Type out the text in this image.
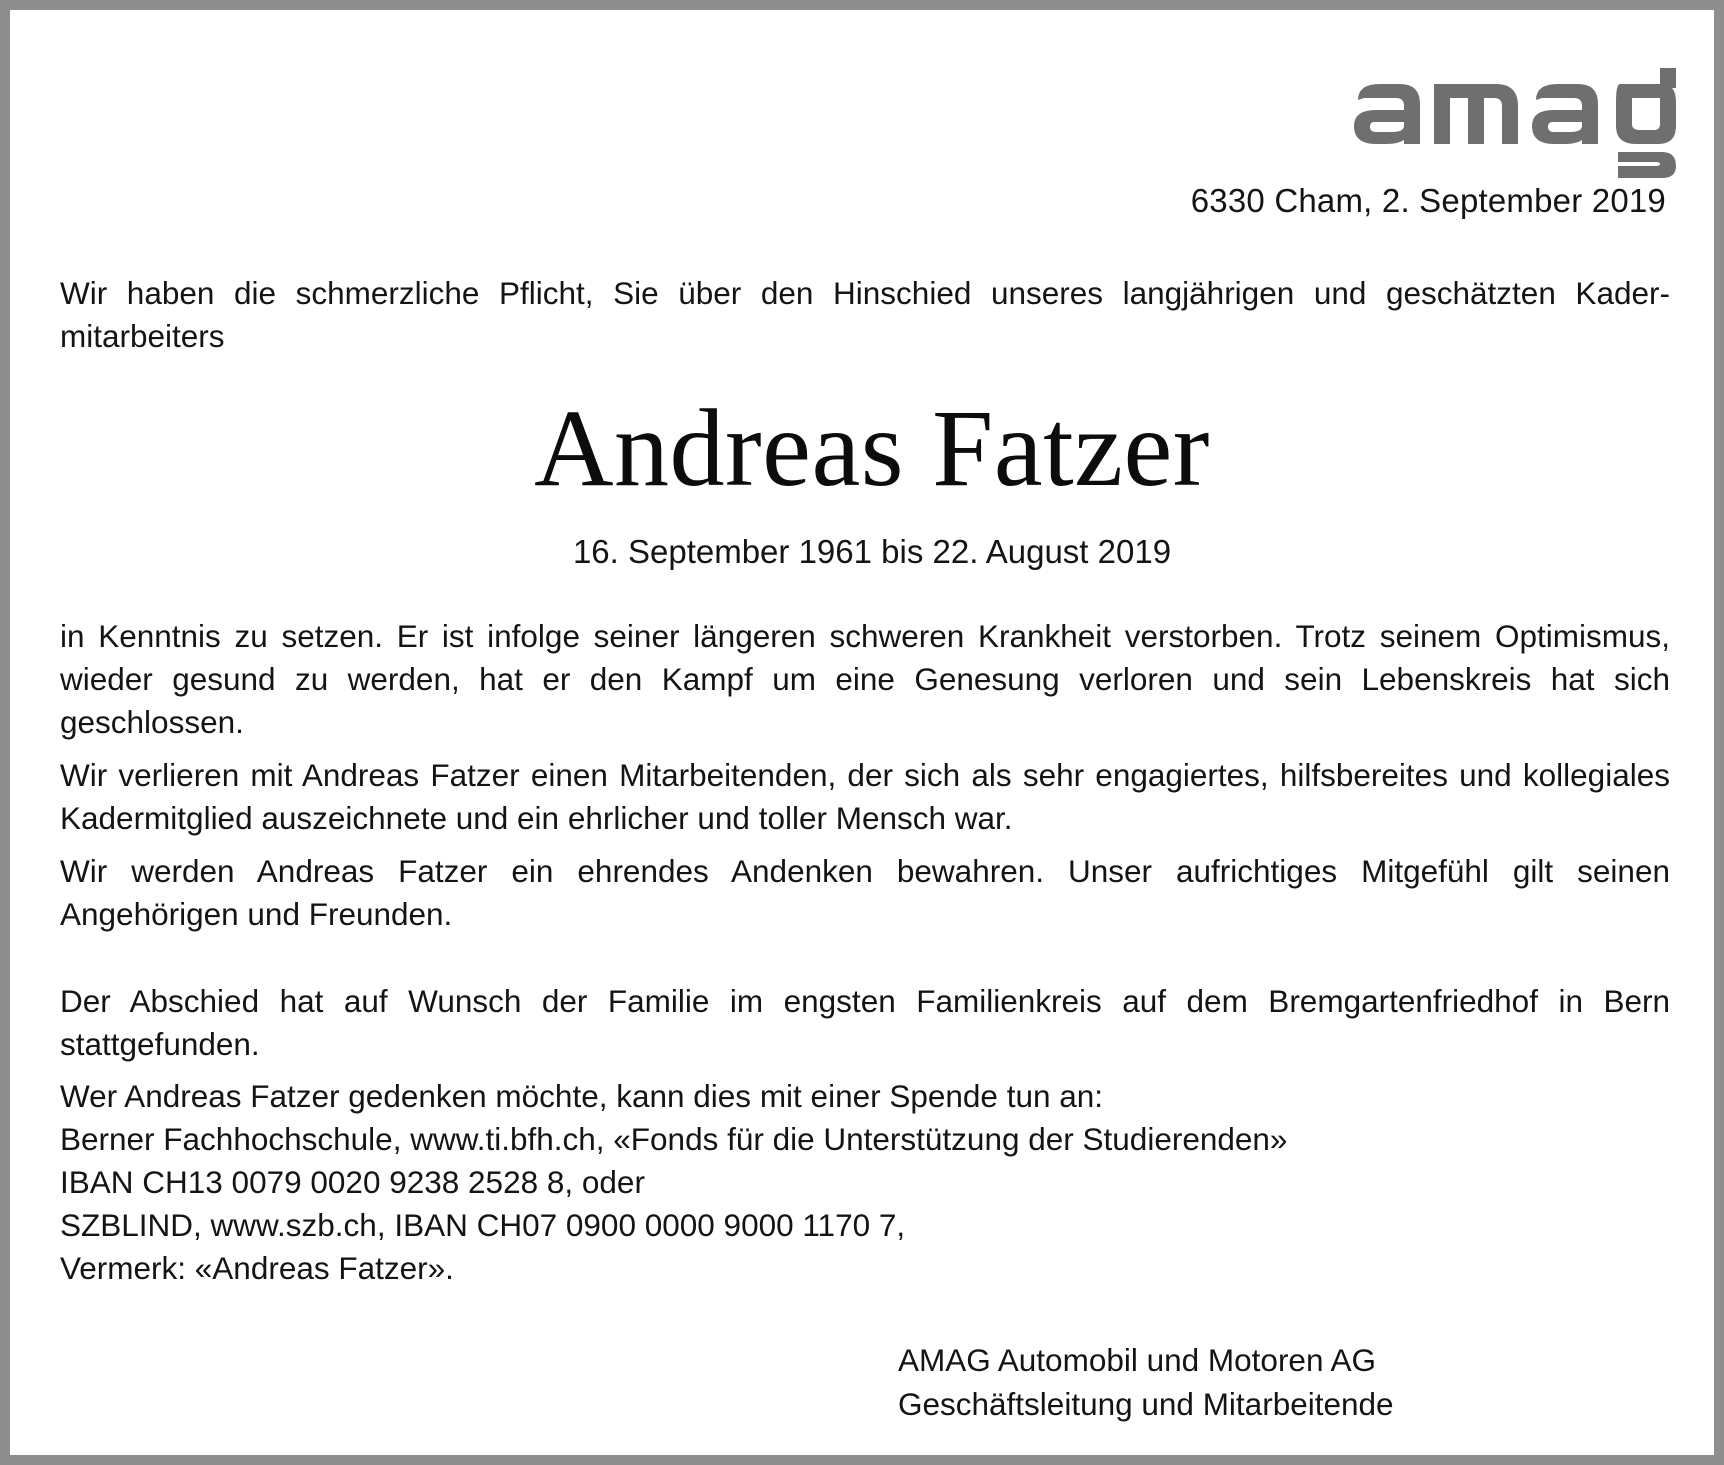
6330 Cham, 2. September 2019
Wir haben die schmerzliche Pflicht, Sie über den Hinschied unseres langjährigen und geschätzten Kadermitarbeiters
Andreas Fatzer
16. September 1961 bis 22. August 2019
in Kenntnis zu setzen. Er ist infolge seiner längeren schweren Krankheit verstorben. Trotz seinem Optimismus, wieder gesund zu werden, hat er den Kampf um eine Genesung verloren und sein Lebenskreis hat sich geschlossen.
Wir verlieren mit Andreas Fatzer einen Mitarbeitenden, der sich als sehr engagiertes, hilfsbereites und kollegiales Kadermitglied auszeichnete und ein ehrlicher und toller Mensch war.
Wir werden Andreas Fatzer ein ehrendes Andenken bewahren. Unser aufrichtiges Mitgefühl gilt seinen Angehörigen und Freunden.
Der Abschied hat auf Wunsch der Familie im engsten Familienkreis auf dem Bremgartenfriedhof in Bern stattgefunden.
Wer Andreas Fatzer gedenken möchte, kann dies mit einer Spende tun an:
Berner Fachhochschule, www.ti.bfh.ch, «Fonds für die Unterstützung der Studierenden»
IBAN CH13 0079 0020 9238 2528 8, oder
SZBLIND, www.szb.ch, IBAN CH07 0900 0000 9000 1170 7,
Vermerk: «Andreas Fatzer».
AMAG Automobil und Motoren AG
Geschäftsleitung und Mitarbeitende
